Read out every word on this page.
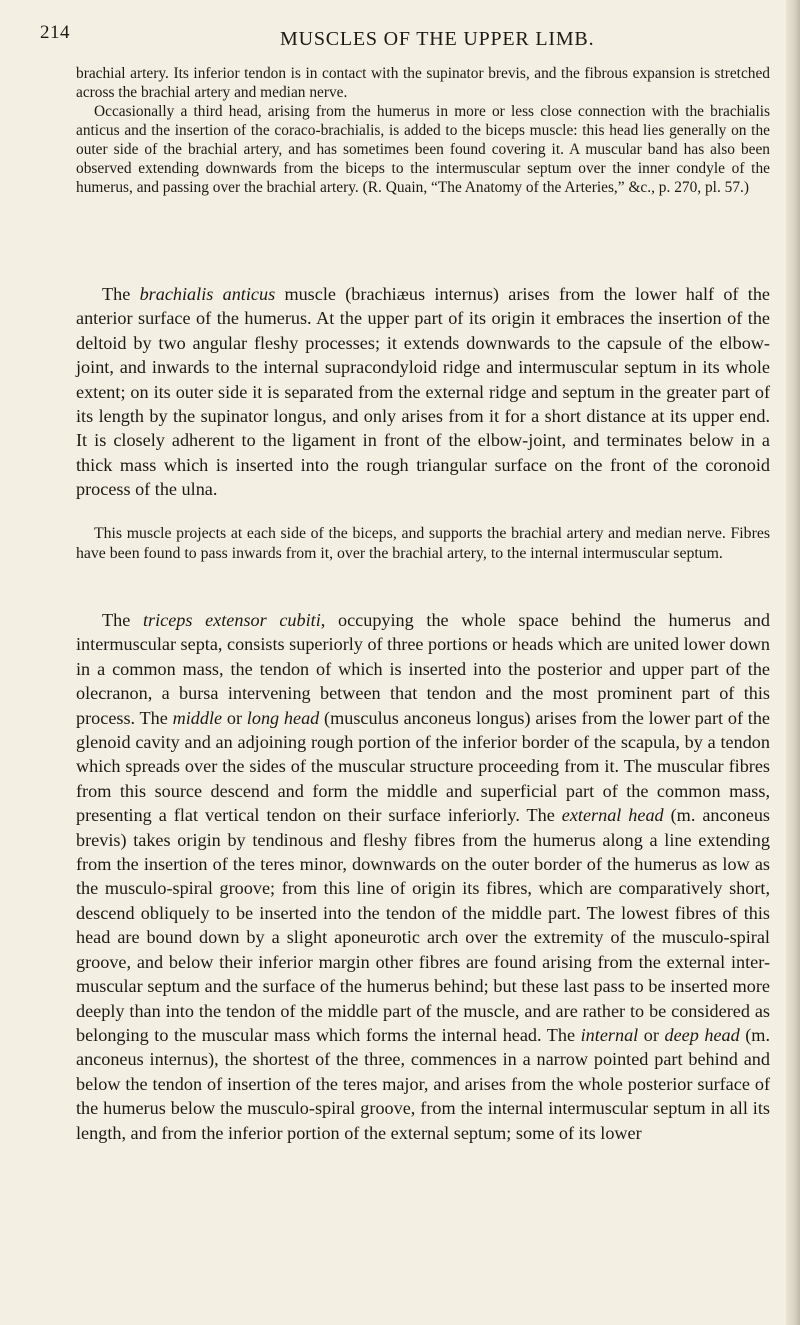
214	MUSCLES OF THE UPPER LIMB.

brachial artery. Its inferior tendon is in contact with the supinator brevis, and the fibrous expansion is stretched across the brachial artery and median nerve.

Occasionally a third head, arising from the humerus in more or less close connection with the brachialis anticus and the insertion of the coraco-brachialis, is added to the biceps muscle: this head lies generally on the outer side of the brachial artery, and has sometimes been found covering it. A muscular band has also been observed extending downwards from the biceps to the intermuscular septum over the inner condyle of the humerus, and passing over the brachial artery. (R. Quain, “The Anatomy of the Arteries,” &c., p. 270, pl. 57.)

The brachialis anticus muscle (brachiæus internus) arises from the lower half of the anterior surface of the humerus. At the upper part of its origin it embraces the insertion of the deltoid by two angular fleshy processes; it extends downwards to the capsule of the elbow-joint, and inwards to the internal supracondyloid ridge and intermuscular septum in its whole extent; on its outer side it is separated from the external ridge and septum in the greater part of its length by the supinator longus, and only arises from it for a short distance at its upper end. It is closely adherent to the ligament in front of the elbow-joint, and terminates below in a thick mass which is inserted into the rough triangular surface on the front of the coronoid process of the ulna.

This muscle projects at each side of the biceps, and supports the brachial artery and median nerve. Fibres have been found to pass inwards from it, over the brachial artery, to the internal intermuscular septum.

The triceps extensor cubiti, occupying the whole space behind the humerus and intermuscular septa, consists superiorly of three portions or heads which are united lower down in a common mass, the tendon of which is inserted into the posterior and upper part of the olecranon, a bursa intervening between that tendon and the most prominent part of this process. The middle or long head (musculus anconeus longus) arises from the lower part of the glenoid cavity and an adjoining rough portion of the inferior border of the scapula, by a tendon which spreads over the sides of the muscular structure proceeding from it. The muscular fibres from this source descend and form the middle and superficial part of the common mass, presenting a flat vertical tendon on their surface inferiorly. The external head (m. anconeus brevis) takes origin by tendinous and fleshy fibres from the humerus along a line extending from the insertion of the teres minor, downwards on the outer border of the humerus as low as the musculo-spiral groove; from this line of origin its fibres, which are comparatively short, descend obliquely to be inserted into the tendon of the middle part. The lowest fibres of this head are bound down by a slight aponeurotic arch over the extremity of the musculo-spiral groove, and below their inferior margin other fibres are found arising from the external inter-muscular septum and the surface of the humerus behind; but these last pass to be inserted more deeply than into the tendon of the middle part of the muscle, and are rather to be considered as belonging to the muscular mass which forms the internal head. The internal or deep head (m. anconeus internus), the shortest of the three, commences in a narrow pointed part behind and below the tendon of insertion of the teres major, and arises from the whole posterior surface of the humerus below the musculo-spiral groove, from the internal intermuscular septum in all its length, and from the inferior portion of the external septum; some of its lower
